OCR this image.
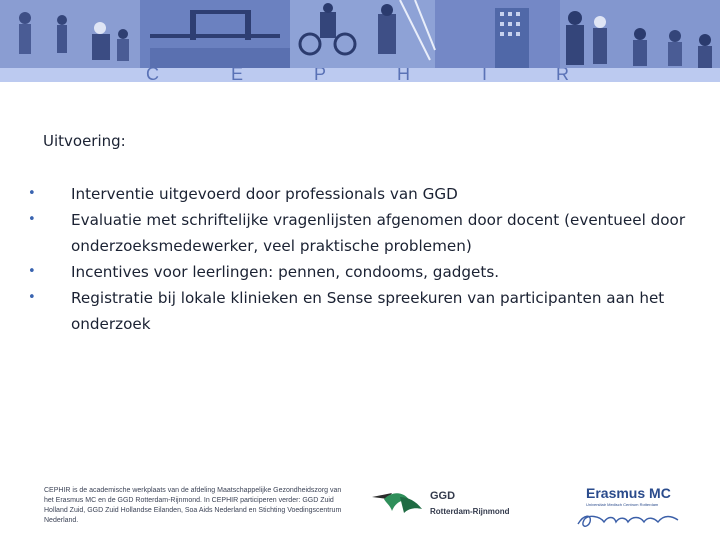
C	E	P	H	I	R
Uitvoering:
• Interventie uitgevoerd door professionals van GGD
• Evaluatie met schriftelijke vragenlijsten afgenomen door docent (eventueel door onderzoeksmedewerker, veel praktische problemen)
• Incentives voor leerlingen: pennen, condooms, gadgets.
• Registratie bij lokale klinieken en Sense spreekuren van participanten aan het onderzoek
CEPHIR is de academische werkplaats van de afdeling Maatschappelijke Gezondheidszorg van het Erasmus MC en de GGD Rotterdam-Rijnmond. In CEPHIR participeren verder: GGD Zuid Holland Zuid, GGD Zuid Hollandse Eilanden, Soa Aids Nederland en Stichting Voedingscentrum Nederland.
GGD
Rotterdam-Rijnmond
Erasmus MC
Universitair Medisch Centrum Rotterdam
